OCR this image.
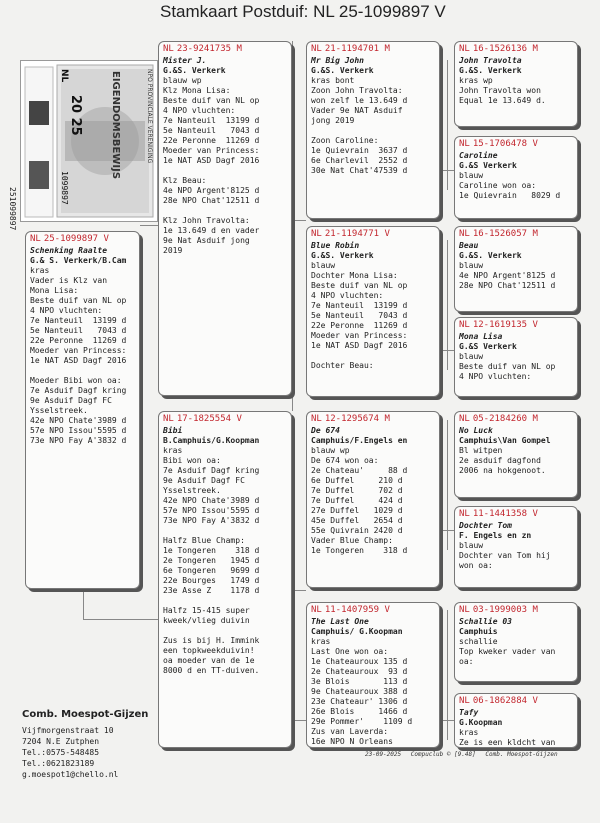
Stamkaart Postduif: NL 25-1099897 V
20 25	EIGENDOMSBEWIJS	NPO PROVINCIALE VERENIGING
NL
1099897
251099897
NL 25-1099897 V
Schenking Raalte
G.& S. Verkerk/B.Cam
kras
Vader is Klz van
Mona Lisa:
Beste duif van NL op
4 NPO vluchten:
7e Nanteuil  13199 d
5e Nanteuil   7043 d
22e Peronne  11269 d
Moeder van Princess:
1e NAT ASD Dagf 2016
Moeder Bibi won oa:
7e Asduif Dagf kring
9e Asduif Dagf FC
Ysselstreek.
42e NPO Chate'3989 d
57e NPO Issou'5595 d
73e NPO Fay A'3832 d
NL 23-9241735 M
Mister J.
G.&S. Verkerk
blauw wp
Klz Mona Lisa:
Beste duif van NL op
4 NPO vluchten:
7e Nanteuil  13199 d
5e Nanteuil   7043 d
22e Peronne  11269 d
Moeder van Princess:
1e NAT ASD Dagf 2016
Klz Beau:
4e NPO Argent'8125 d
28e NPO Chat'12511 d
Klz John Travolta:
1e 13.649 d en vader
9e Nat Asduif jong
2019
NL 17-1825554 V
Bibi
B.Camphuis/G.Koopman
kras
Bibi won oa:
7e Asduif Dagf kring
9e Asduif Dagf FC
Ysselstreek.
42e NPO Chate'3989 d
57e NPO Issou'5595 d
73e NPO Fay A'3832 d
Halfz Blue Champ:
1e Tongeren    318 d
2e Tongeren   1945 d
6e Tongeren   9699 d
22e Bourges   1749 d
23e Asse Z    1178 d
Halfz 15-415 super
kweek/vlieg duivin
Zus is bij H. Immink
een topkweekduivin!
oa moeder van de 1e
8000 d en TT-duiven.
NL 21-1194701 M
Mr Big John
G.&S. Verkerk
kras bont
Zoon John Travolta:
won zelf le 13.649 d
Vader 9e NAT Asduif
jong 2019
Zoon Caroline:
1e Quievrain  3637 d
6e Charlevil  2552 d
30e Nat Chat'47539 d
NL 21-1194771 V
Blue Robin
G.&S. Verkerk
blauw
Dochter Mona Lisa:
Beste duif van NL op
4 NPO vluchten:
7e Nanteuil  13199 d
5e Nanteuil   7043 d
22e Peronne  11269 d
Moeder van Princess:
1e NAT ASD Dagf 2016
Dochter Beau:
NL 12-1295674 M
De 674
Camphuis/F.Engels en
blauw wp
De 674 won oa:
2e Chateau'     88 d
6e Duffel     210 d
7e Duffel     702 d
7e Duffel     424 d
27e Duffel   1029 d
45e Duffel   2654 d
55e Quivrain 2420 d
Vader Blue Champ:
1e Tongeren    318 d
NL 11-1407959 V
The Last One
Camphuis/ G.Koopman
kras
Last One won oa:
1e Chateauroux 135 d
2e Chateauroux  93 d
3e Blois       113 d
9e Chateauroux 388 d
23e Chateaur' 1306 d
26e Blois     1466 d
29e Pommer'    1109 d
Zus van Laverda:
16e NPO N Orleans
NL 16-1526136 M
John Travolta
G.&S. Verkerk
kras wp
John Travolta won
Equal 1e 13.649 d.
NL 15-1706478 V
Caroline
G.&S Verkerk
blauw
Caroline won oa:
1e Quievrain   8029 d
NL 16-1526057 M
Beau
G.&S. Verkerk
blauw
4e NPO Argent'8125 d
28e NPO Chat'12511 d
NL 12-1619135 V
Mona Lisa
G.&S Verkerk
blauw
Beste duif van NL op
4 NPO vluchten:
NL 05-2184260 M
No Luck
Camphuis\Van Gompel
Bl witpen
2e asduif dagfond
2006 na hokgenoot.
NL 11-1441358 V
Dochter Tom
F. Engels en zn
blauw
Dochter van Tom hij
won oa:
NL 03-1999003 M
Schallie 03
Camphuis
schallie
Top kweker vader van
oa:
NL 06-1862884 V
Tafy
G.Koopman
kras
Ze is een kldcht van
Comb. Moespot-Gijzen
Vijfmorgenstraat 10
7204 N.E Zutphen
Tel.:0575-548485
Tel.:0621823189
g.moespot1@chello.nl
23-09-2025 Compuclub © [9.48] Comb. Moespot-Gijzen
